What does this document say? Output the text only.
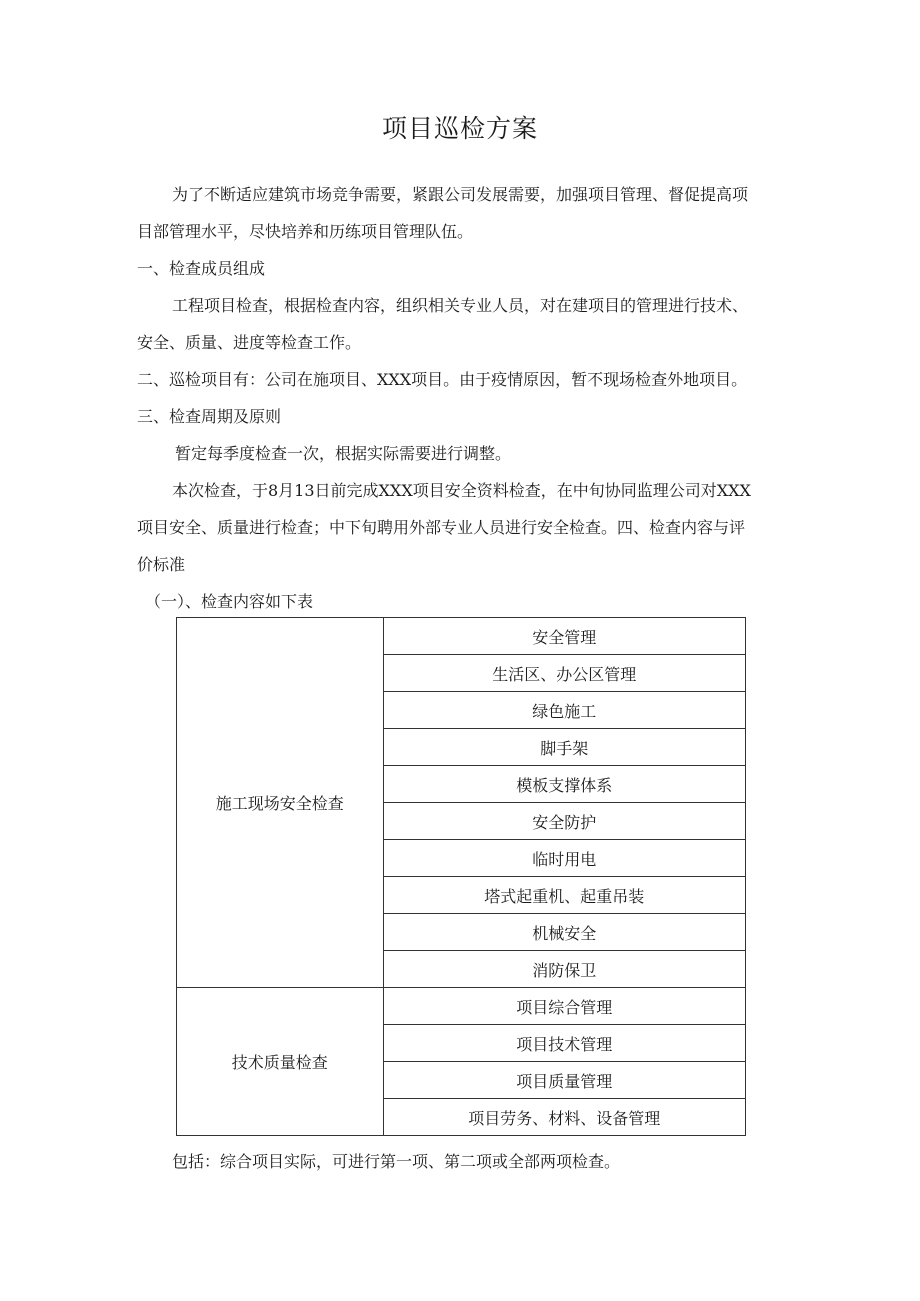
项目巡检方案
为了不断适应建筑市场竞争需要，紧跟公司发展需要，加强项目管理、督促提高项
目部管理水平，尽快培养和历练项目管理队伍。
一、检查成员组成
工程项目检查，根据检查内容，组织相关专业人员，对在建项目的管理进行技术、
安全、质量、进度等检查工作。
二、巡检项目有：公司在施项目、XXX项目。由于疫情原因，暂不现场检查外地项目。
三、检查周期及原则
暂定每季度检查一次，根据实际需要进行调整。
本次检查，于8月13日前完成XXX项目安全资料检查，在中旬协同监理公司对XXX
项目安全、质量进行检查；中下旬聘用外部专业人员进行安全检查。四、检查内容与评
价标准
（一）、检查内容如下表
施工现场安全检查	安全管理
	生活区、办公区管理
	绿色施工
	脚手架
	模板支撑体系
	安全防护
	临时用电
	塔式起重机、起重吊装
	机械安全
	消防保卫
技术质量检查	项目综合管理
	项目技术管理
	项目质量管理
	项目劳务、材料、设备管理
包括：综合项目实际，可进行第一项、第二项或全部两项检查。
